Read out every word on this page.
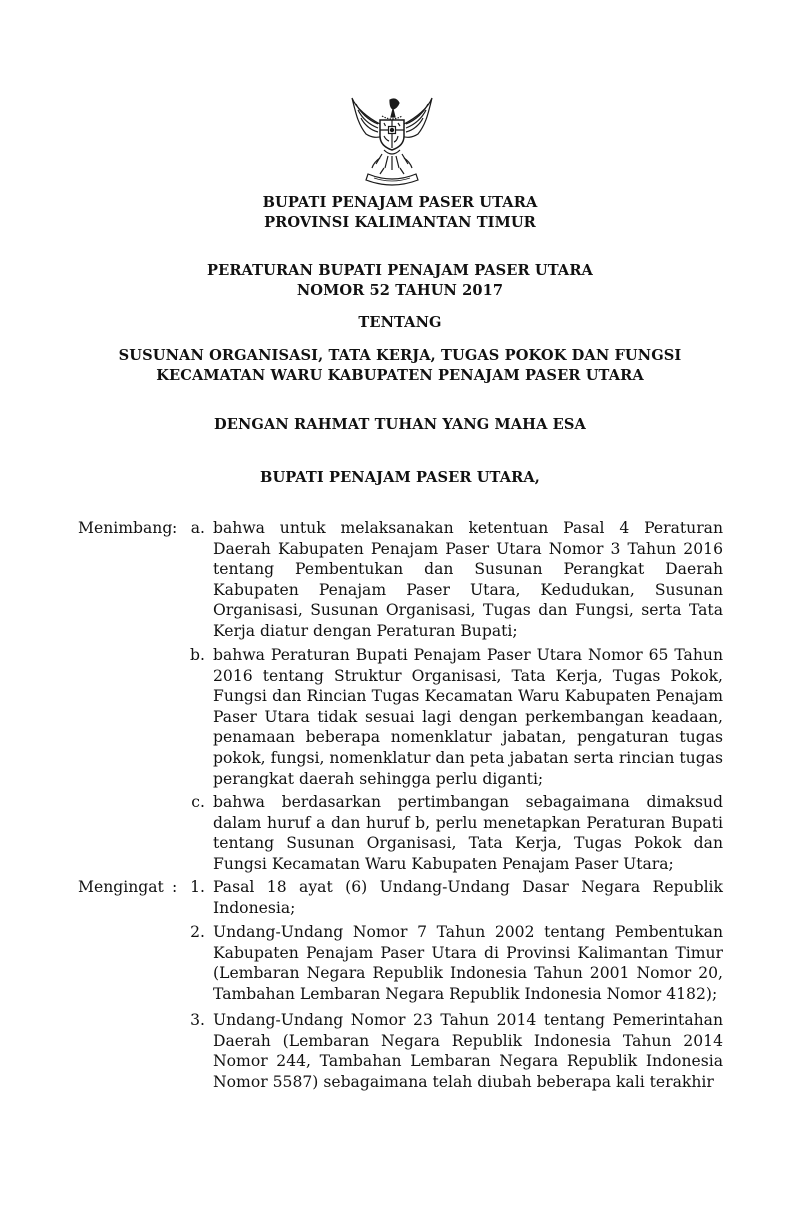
BUPATI PENAJAM PASER UTARA
PROVINSI KALIMANTAN TIMUR
PERATURAN BUPATI PENAJAM PASER UTARA
NOMOR 52 TAHUN 2017
TENTANG
SUSUNAN ORGANISASI, TATA KERJA, TUGAS POKOK DAN FUNGSI
KECAMATAN WARU KABUPATEN PENAJAM PASER UTARA
DENGAN RAHMAT TUHAN YANG MAHA ESA
BUPATI PENAJAM PASER UTARA,
Menimbang : a. bahwa untuk melaksanakan ketentuan Pasal 4 Peraturan Daerah Kabupaten Penajam Paser Utara Nomor 3 Tahun 2016 tentang Pembentukan dan Susunan Perangkat Daerah Kabupaten Penajam Paser Utara, Kedudukan, Susunan Organisasi, Susunan Organisasi, Tugas dan Fungsi, serta Tata Kerja diatur dengan Peraturan Bupati;

b. bahwa Peraturan Bupati Penajam Paser Utara Nomor 65 Tahun 2016 tentang Struktur Organisasi, Tata Kerja, Tugas Pokok, Fungsi dan Rincian Tugas Kecamatan Waru Kabupaten Penajam Paser Utara tidak sesuai lagi dengan perkembangan keadaan, penamaan beberapa nomenklatur jabatan, pengaturan tugas pokok, fungsi, nomenklatur dan peta jabatan serta rincian tugas perangkat daerah sehingga perlu diganti;

c. bahwa berdasarkan pertimbangan sebagaimana dimaksud dalam huruf a dan huruf b, perlu menetapkan Peraturan Bupati tentang Susunan Organisasi, Tata Kerja, Tugas Pokok dan Fungsi Kecamatan Waru Kabupaten Penajam Paser Utara;

Mengingat : 1. Pasal 18 ayat (6) Undang-Undang Dasar Negara Republik Indonesia;

2. Undang-Undang Nomor 7 Tahun 2002 tentang Pembentukan Kabupaten Penajam Paser Utara di Provinsi Kalimantan Timur (Lembaran Negara Republik Indonesia Tahun 2001 Nomor 20, Tambahan Lembaran Negara Republik Indonesia Nomor 4182);

3. Undang-Undang Nomor 23 Tahun 2014 tentang Pemerintahan Daerah (Lembaran Negara Republik Indonesia Tahun 2014 Nomor 244, Tambahan Lembaran Negara Republik Indonesia Nomor 5587) sebagaimana telah diubah beberapa kali terakhir
